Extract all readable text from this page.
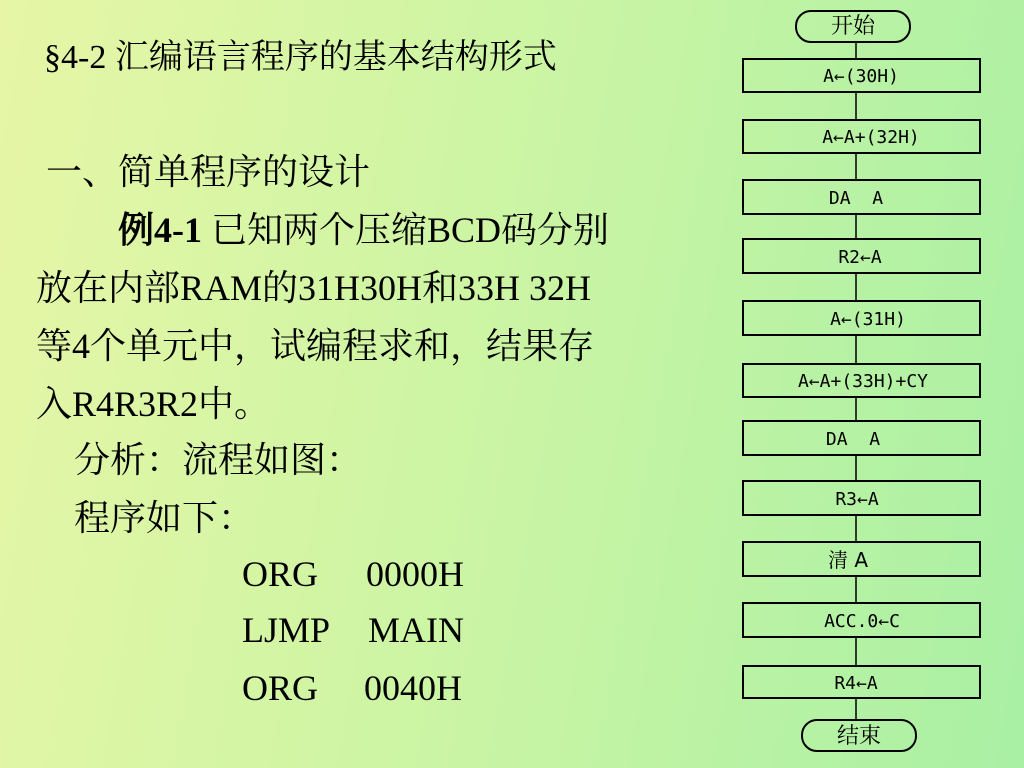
§4-2 汇编语言程序的基本结构形式
一、简单程序的设计
例4-1 已知两个压缩BCD码分别
放在内部RAM的31H30H和33H 32H
等4个单元中，试编程求和，结果存
入R4R3R2中。
分析：流程如图：
程序如下：
ORG 0000H
LJMP MAIN
ORG 0040H
开始
A←(30H)
A←A+(32H)
DA  A
R2←A
A←(31H)
A←A+(33H)+CY
DA  A
R3←A
清 A
ACC.0←C
R4←A
结束
